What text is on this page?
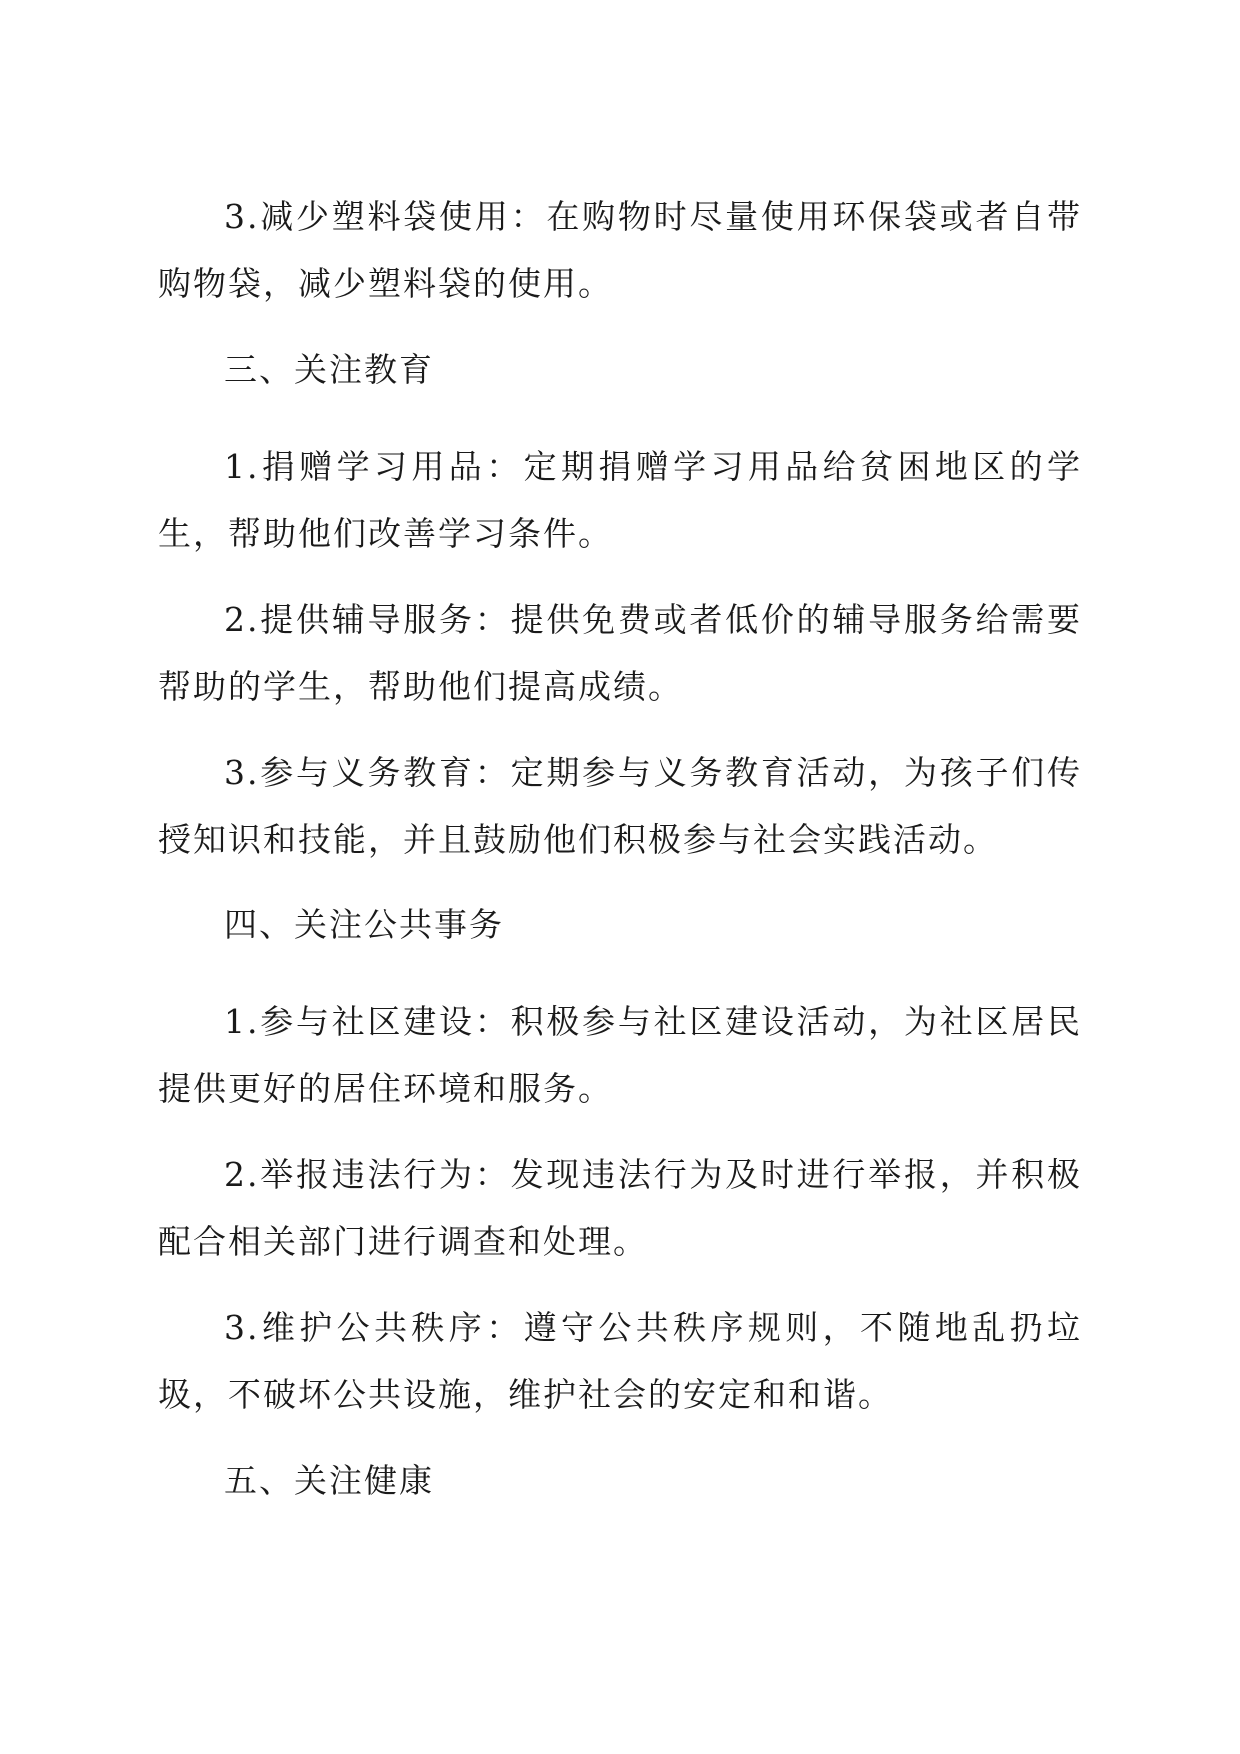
3.减少塑料袋使用：在购物时尽量使用环保袋或者自带购物袋，减少塑料袋的使用。

三、关注教育

1.捐赠学习用品：定期捐赠学习用品给贫困地区的学生，帮助他们改善学习条件。

2.提供辅导服务：提供免费或者低价的辅导服务给需要帮助的学生，帮助他们提高成绩。

3.参与义务教育：定期参与义务教育活动，为孩子们传授知识和技能，并且鼓励他们积极参与社会实践活动。

四、关注公共事务

1.参与社区建设：积极参与社区建设活动，为社区居民提供更好的居住环境和服务。

2.举报违法行为：发现违法行为及时进行举报，并积极配合相关部门进行调查和处理。

3.维护公共秩序：遵守公共秩序规则，不随地乱扔垃圾，不破坏公共设施，维护社会的安定和和谐。

五、关注健康
